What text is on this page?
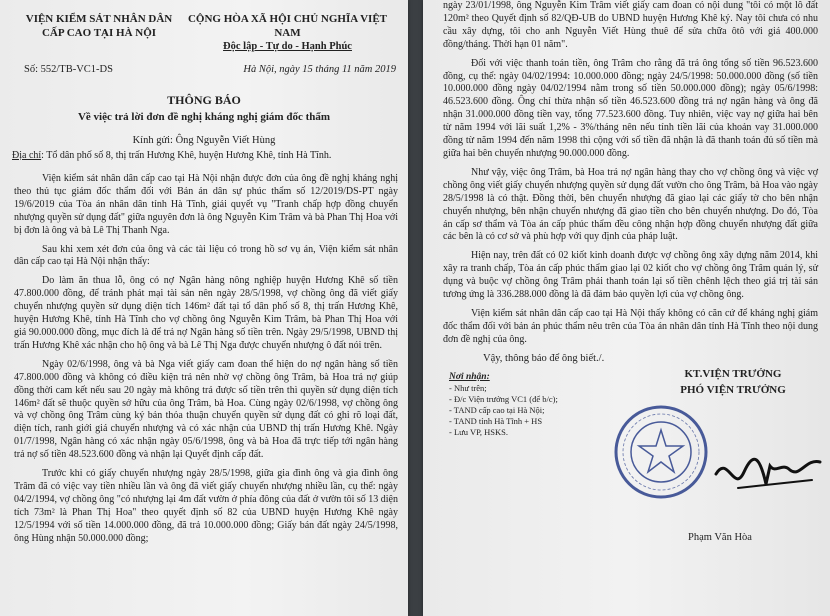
VIỆN KIỂM SÁT NHÂN DÂN
CẤP CAO TẠI HÀ NỘI
CỘNG HÒA XÃ HỘI CHỦ NGHĨA VIỆT NAM
Độc lập - Tự do - Hạnh Phúc
Số: 552/TB-VC1-DS	Hà Nội, ngày 15 tháng 11 năm 2019
THÔNG BÁO
Về việc trả lời đơn đề nghị kháng nghị giám đốc thẩm
Kính gửi: Ông Nguyễn Viết Hùng
Địa chỉ: Tổ dân phố số 8, thị trấn Hương Khê, huyện Hương Khê, tỉnh Hà Tĩnh.

Viện kiểm sát nhân dân cấp cao tại Hà Nội nhận được đơn của ông đề nghị kháng nghị theo thủ tục giám đốc thẩm đối với Bản án dân sự phúc thẩm số 12/2019/DS-PT ngày 19/6/2019 của Tòa án nhân dân tỉnh Hà Tĩnh, giải quyết vụ "Tranh chấp hợp đồng chuyển nhượng quyền sử dụng đất" giữa nguyên đơn là ông Nguyễn Kim Trâm và bà Phan Thị Hoa với bị đơn là ông và bà Lê Thị Thanh Nga.

Sau khi xem xét đơn của ông và các tài liệu có trong hồ sơ vụ án, Viện kiểm sát nhân dân cấp cao tại Hà Nội nhận thấy:

Do làm ăn thua lỗ, ông có nợ Ngân hàng nông nghiệp huyện Hương Khê số tiền 47.800.000 đồng, để tránh phát mại tài sản nên ngày 28/5/1998, vợ chồng ông đã viết giấy chuyển nhượng quyền sử dụng diện tích 146m² đất tại tổ dân phố số 8, thị trấn Hương Khê, huyện Hương Khê, tỉnh Hà Tĩnh cho vợ chồng ông Nguyễn Kim Trâm, bà Phan Thị Hoa với giá 90.000.000 đồng, mục đích là để trả nợ Ngân hàng số tiền trên. Ngày 29/5/1998, UBND thị trấn Hương Khê xác nhận cho hộ ông và bà Lê Thị Nga được chuyển nhượng ô đất nói trên.

Ngày 02/6/1998, ông và bà Nga viết giấy cam đoan thể hiện do nợ ngân hàng số tiền 47.800.000 đồng và không có điều kiện trả nên nhờ vợ chồng ông Trâm, bà Hoa trả nợ giúp đồng thời cam kết nếu sau 20 ngày mà không trả được số tiền trên thì quyền sử dụng diện tích 146m² đất sẽ thuộc quyền sở hữu của ông Trâm, bà Hoa. Cùng ngày 02/6/1998, vợ chồng ông và vợ chồng ông Trâm cùng ký bản thỏa thuận chuyển quyền sử dụng đất có ghi rõ loại đất, diện tích, ranh giới giá chuyển nhượng và có xác nhận của UBND thị trấn Hương Khê. Ngày 01/7/1998, Ngân hàng có xác nhận ngày 05/6/1998, ông và bà Hoa đã trực tiếp tới ngân hàng trả nợ số tiền 48.523.600 đồng và nhận lại Quyết định cấp đất.

Trước khi có giấy chuyển nhượng ngày 28/5/1998, giữa gia đình ông và gia đình ông Trâm đã có việc vay tiền nhiều lần và ông đã viết giấy chuyển nhượng nhiều lần, cụ thể: ngày 04/2/1994, vợ chồng ông "có nhượng lại 4m đất vườn ở phía đông của đất ở vườn tôi số 13 diện tích 73m² là Phan Thị Hoa" theo quyết định số 82 của UBND huyện Hương Khê ngày 12/5/1994 với số tiền 14.000.000 đồng, đã trả 10.000.000 đồng; Giấy bán đất ngày 24/5/1998, ông Hùng nhận 50.000.000 đồng;

ngày 23/01/1998, ông Nguyễn Kim Trâm viết giấy cam đoan có nội dung "tôi có một lô đất 120m² theo Quyết định số 82/QĐ-UB do UBND huyện Hương Khê ký. Nay tôi chưa có nhu cầu xây dựng, tôi cho anh Nguyễn Viết Hùng thuê để sửa chữa ôtô với giá 400.000 đồng/tháng. Thời hạn 01 năm".

Đối với việc thanh toán tiền, ông Trâm cho rằng đã trả ông tổng số tiền 96.523.600 đồng, cụ thể: ngày 04/02/1994: 10.000.000 đồng; ngày 24/5/1998: 50.000.000 đồng (số tiền 10.000.000 đồng ngày 04/02/1994 nằm trong số tiền 50.000.000 đồng); ngày 05/6/1998: 46.523.600 đồng. Ông chỉ thừa nhận số tiền 46.523.600 đồng trả nợ ngân hàng và ông đã nhận 31.000.000 đồng tiền vay, tổng 77.523.600 đồng. Tuy nhiên, việc vay nợ giữa hai bên từ năm 1994 với lãi suất 1,2% - 3%/tháng nên nếu tính tiền lãi của khoản vay 31.000.000 đồng từ năm 1994 đến năm 1998 thì cộng với số tiền đã nhận là đã thanh toán đủ số tiền mà giữa hai bên chuyển nhượng 90.000.000 đồng.

Như vậy, việc ông Trâm, bà Hoa trả nợ ngân hàng thay cho vợ chồng ông và việc vợ chồng ông viết giấy chuyển nhượng quyền sử dụng đất vườn cho ông Trâm, bà Hoa vào ngày 28/5/1998 là có thật. Đồng thời, bên chuyển nhượng đã giao lại các giấy tờ cho bên nhận chuyển nhượng, bên nhận chuyển nhượng đã giao tiền cho bên chuyển nhượng. Do đó, Tòa án cấp sơ thẩm và Tòa án cấp phúc thẩm đều công nhận hợp đồng chuyển nhượng đất giữa các bên là có cơ sở và phù hợp với quy định của pháp luật.

Hiện nay, trên đất có 02 kiốt kinh doanh được vợ chồng ông xây dựng năm 2014, khi xây ra tranh chấp, Tòa án cấp phúc thẩm giao lại 02 kiốt cho vợ chồng ông Trâm quản lý, sử dụng và buộc vợ chồng ông Trâm phải thanh toán lại số tiền chênh lệch theo giá trị tài sản tương ứng là 336.288.000 đồng là đã đảm bảo quyền lợi của vợ chồng ông.

Viện kiểm sát nhân dân cấp cao tại Hà Nội thấy không có căn cứ để kháng nghị giám đốc thẩm đối với bản án phúc thẩm nêu trên của Tòa án nhân dân tỉnh Hà Tĩnh theo nội dung đơn đề nghị của ông.

Vậy, thông báo để ông biết./.
Nơi nhận:
- Như trên;
- Đ/c Viện trưởng VC1 (để b/c);
- TAND cấp cao tại Hà Nội;
- TAND tỉnh Hà Tĩnh + HS
- Lưu VP, HSKS.
KT.VIỆN TRƯỞNG
PHÓ VIỆN TRƯỞNG
Phạm Văn Hòa
